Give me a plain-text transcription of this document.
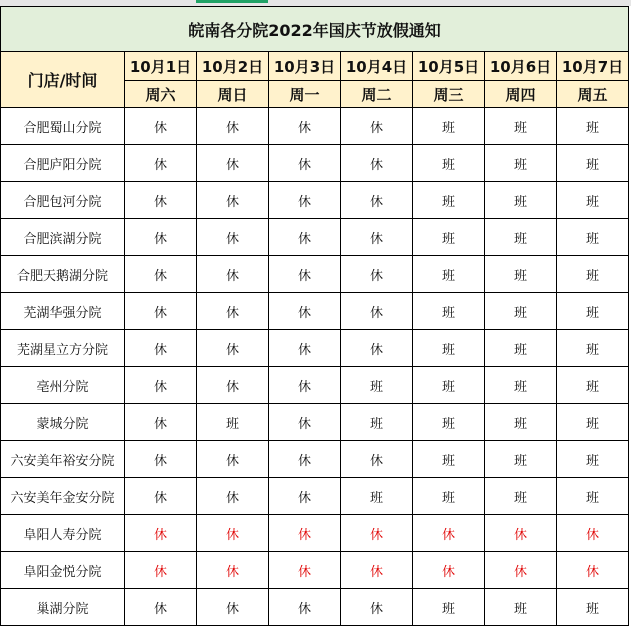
皖南各分院2022年国庆节放假通知							
门店/时间	10月1日	10月2日	10月3日	10月4日	10月5日	10月6日	10月7日
	周六	周日	周一	周二	周三	周四	周五
合肥蜀山分院	休	休	休	休	班	班	班
合肥庐阳分院	休	休	休	休	班	班	班
合肥包河分院	休	休	休	休	班	班	班
合肥滨湖分院	休	休	休	休	班	班	班
合肥天鹅湖分院	休	休	休	休	班	班	班
芜湖华强分院	休	休	休	休	班	班	班
芜湖星立方分院	休	休	休	休	班	班	班
亳州分院	休	休	休	班	班	班	班
蒙城分院	休	班	休	班	班	班	班
六安美年裕安分院	休	休	休	休	班	班	班
六安美年金安分院	休	休	休	班	班	班	班
阜阳人寿分院	休	休	休	休	休	休	休
阜阳金悦分院	休	休	休	休	休	休	休
巢湖分院	休	休	休	休	班	班	班
